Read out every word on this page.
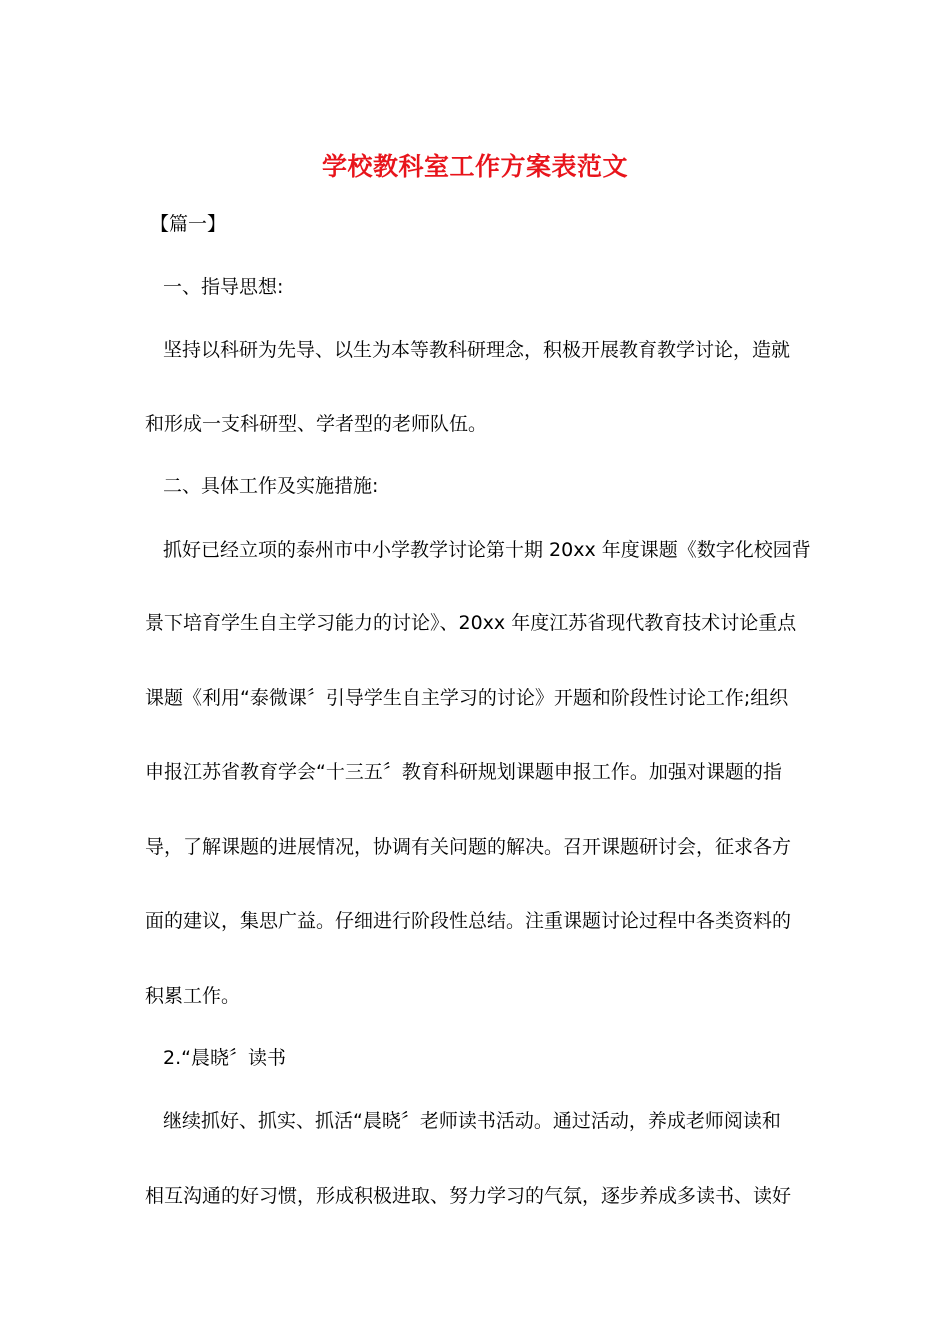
学校教科室工作方案表范文
【篇一】
一、指导思想:
坚持以科研为先导、以生为本等教科研理念，积极开展教育教学讨论，造就
和形成一支科研型、学者型的老师队伍。
二、具体工作及实施措施:
抓好已经立项的泰州市中小学教学讨论第十期 20xx 年度课题《数字化校园背
景下培育学生自主学习能力的讨论》、20xx 年度江苏省现代教育技术讨论重点
课题《利用“泰微课〞引导学生自主学习的讨论》开题和阶段性讨论工作;组织
申报江苏省教育学会“十三五〞教育科研规划课题申报工作。加强对课题的指
导，了解课题的进展情况，协调有关问题的解决。召开课题研讨会，征求各方
面的建议，集思广益。仔细进行阶段性总结。注重课题讨论过程中各类资料的
积累工作。
2.“晨晓〞读书
继续抓好、抓实、抓活“晨晓〞老师读书活动。通过活动，养成老师阅读和
相互沟通的好习惯，形成积极进取、努力学习的气氛，逐步养成多读书、读好
